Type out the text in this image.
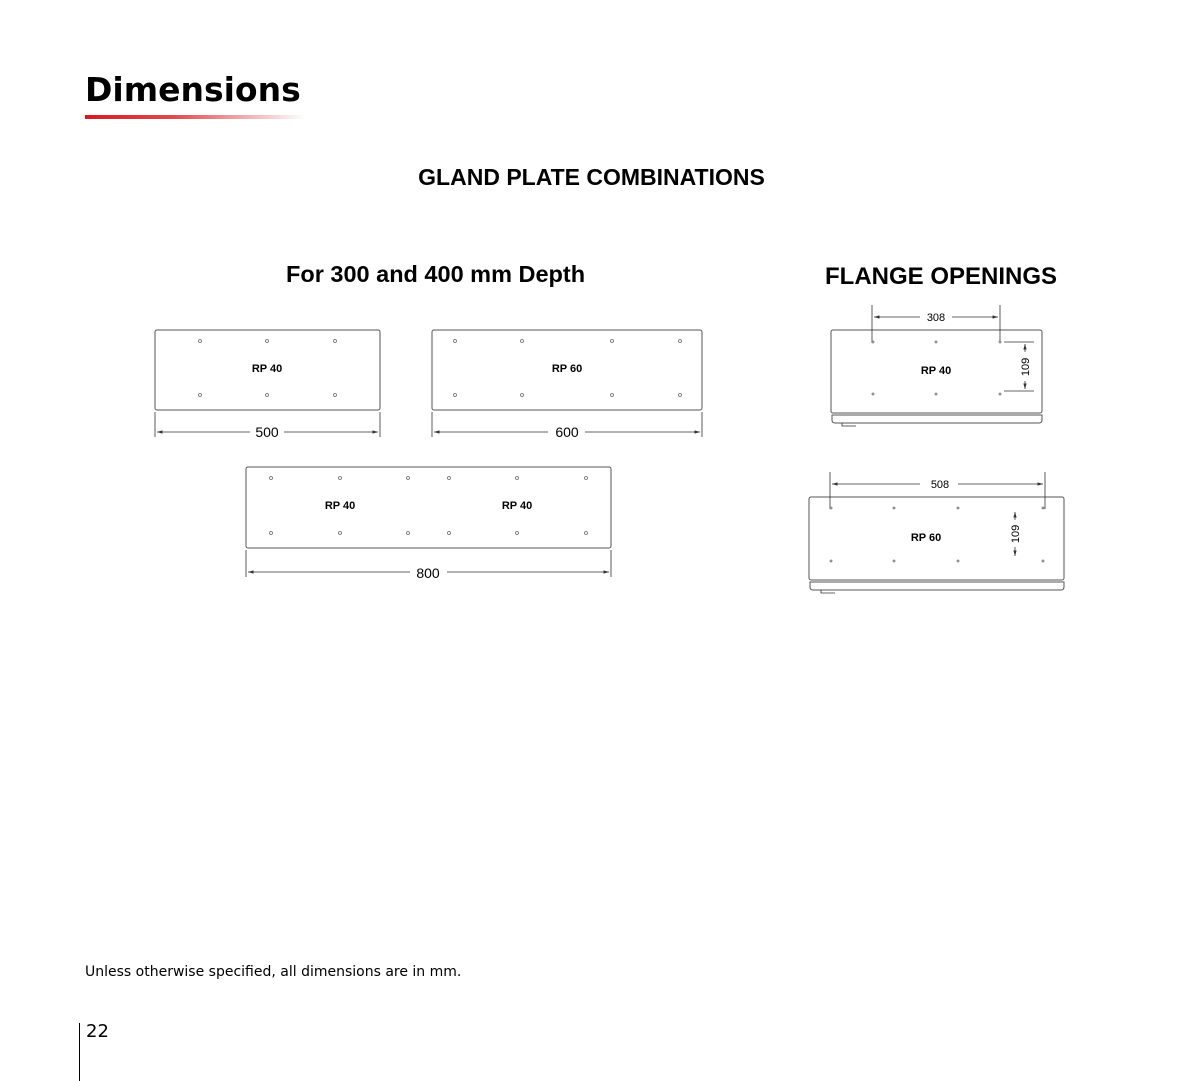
Dimensions
GLAND PLATE COMBINATIONS
For 300 and 400 mm Depth	FLANGE OPENINGS
RP 40
500
RP 60
600
RP 40	RP 40
800
308
109
RP 40
508
109
RP 60

Unless otherwise specified, all dimensions are in mm.

22
